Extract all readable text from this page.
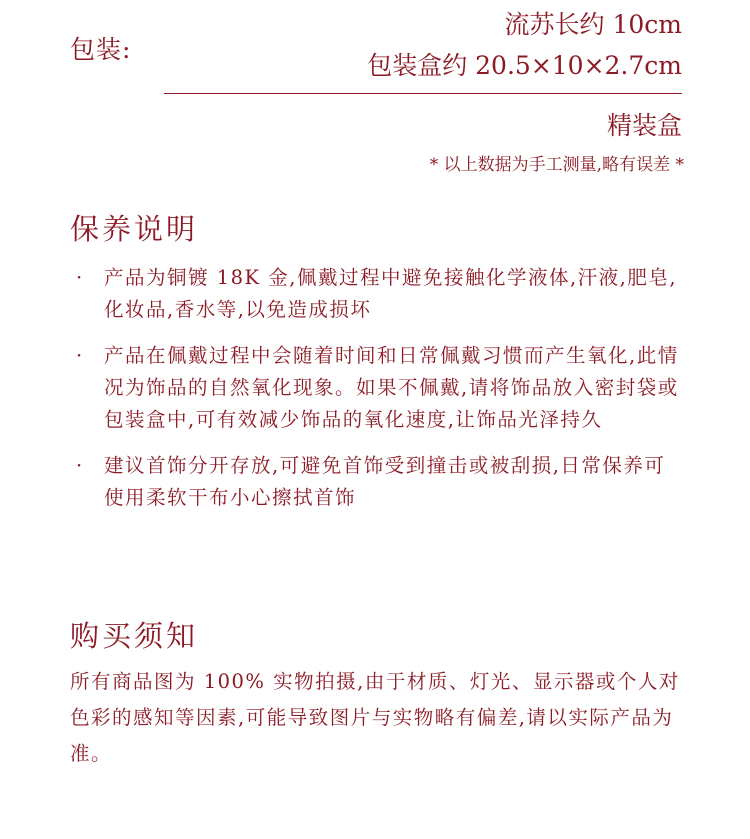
包装:
流苏长约 10cm
包装盒约 20.5×10×2.7cm
精装盒
* 以上数据为手工测量,略有误差 *
保养说明
· 产品为铜镀 18K 金,佩戴过程中避免接触化学液体,汗液,肥皂,化妆品,香水等,以免造成损坏
· 产品在佩戴过程中会随着时间和日常佩戴习惯而产生氧化,此情况为饰品的自然氧化现象。如果不佩戴,请将饰品放入密封袋或包装盒中,可有效减少饰品的氧化速度,让饰品光泽持久
· 建议首饰分开存放,可避免首饰受到撞击或被刮损,日常保养可使用柔软干布小心擦拭首饰
购买须知
所有商品图为 100% 实物拍摄,由于材质、灯光、显示器或个人对色彩的感知等因素,可能导致图片与实物略有偏差,请以实际产品为准。
